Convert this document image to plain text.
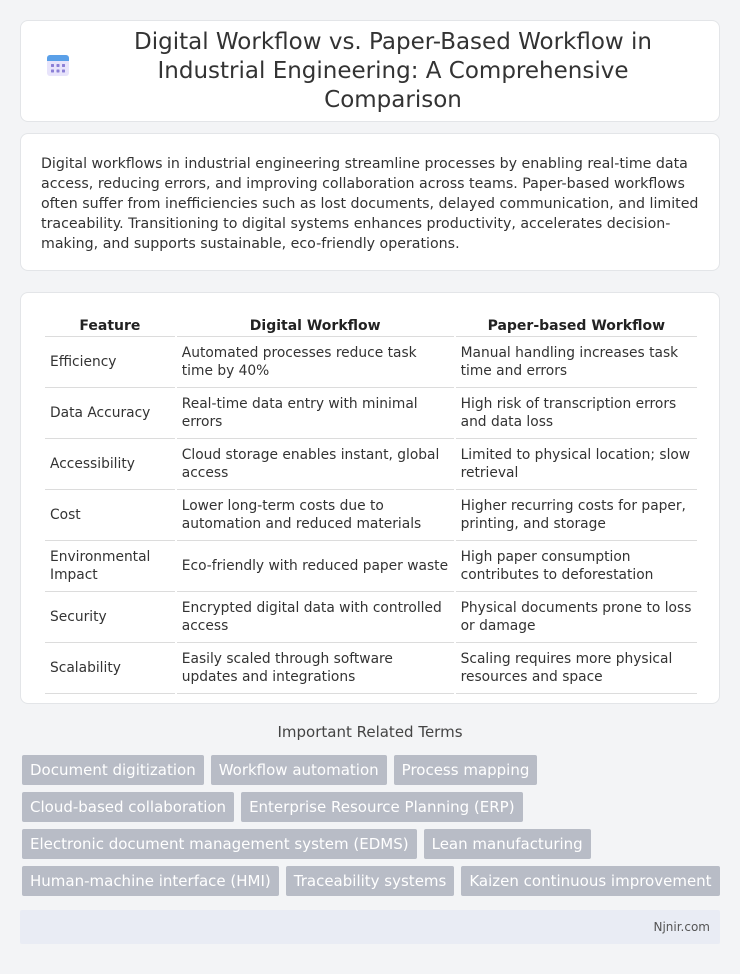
Digital Workflow vs. Paper-Based Workflow in Industrial Engineering: A Comprehensive Comparison

Digital workflows in industrial engineering streamline processes by enabling real-time data access, reducing errors, and improving collaboration across teams. Paper-based workflows often suffer from inefficiencies such as lost documents, delayed communication, and limited traceability. Transitioning to digital systems enhances productivity, accelerates decision-making, and supports sustainable, eco-friendly operations.

Feature	Digital Workflow	Paper-based Workflow
Efficiency	Automated processes reduce task time by 40%	Manual handling increases task time and errors
Data Accuracy	Real-time data entry with minimal errors	High risk of transcription errors and data loss
Accessibility	Cloud storage enables instant, global access	Limited to physical location; slow retrieval
Cost	Lower long-term costs due to automation and reduced materials	Higher recurring costs for paper, printing, and storage
Environmental Impact	Eco-friendly with reduced paper waste	High paper consumption contributes to deforestation
Security	Encrypted digital data with controlled access	Physical documents prone to loss or damage
Scalability	Easily scaled through software updates and integrations	Scaling requires more physical resources and space
Important Related Terms
Document digitization	Workflow automation	Process mapping
Cloud-based collaboration	Enterprise Resource Planning (ERP)
Electronic document management system (EDMS)	Lean manufacturing
Human-machine interface (HMI)	Traceability systems	Kaizen continuous improvement
Njnir.com
